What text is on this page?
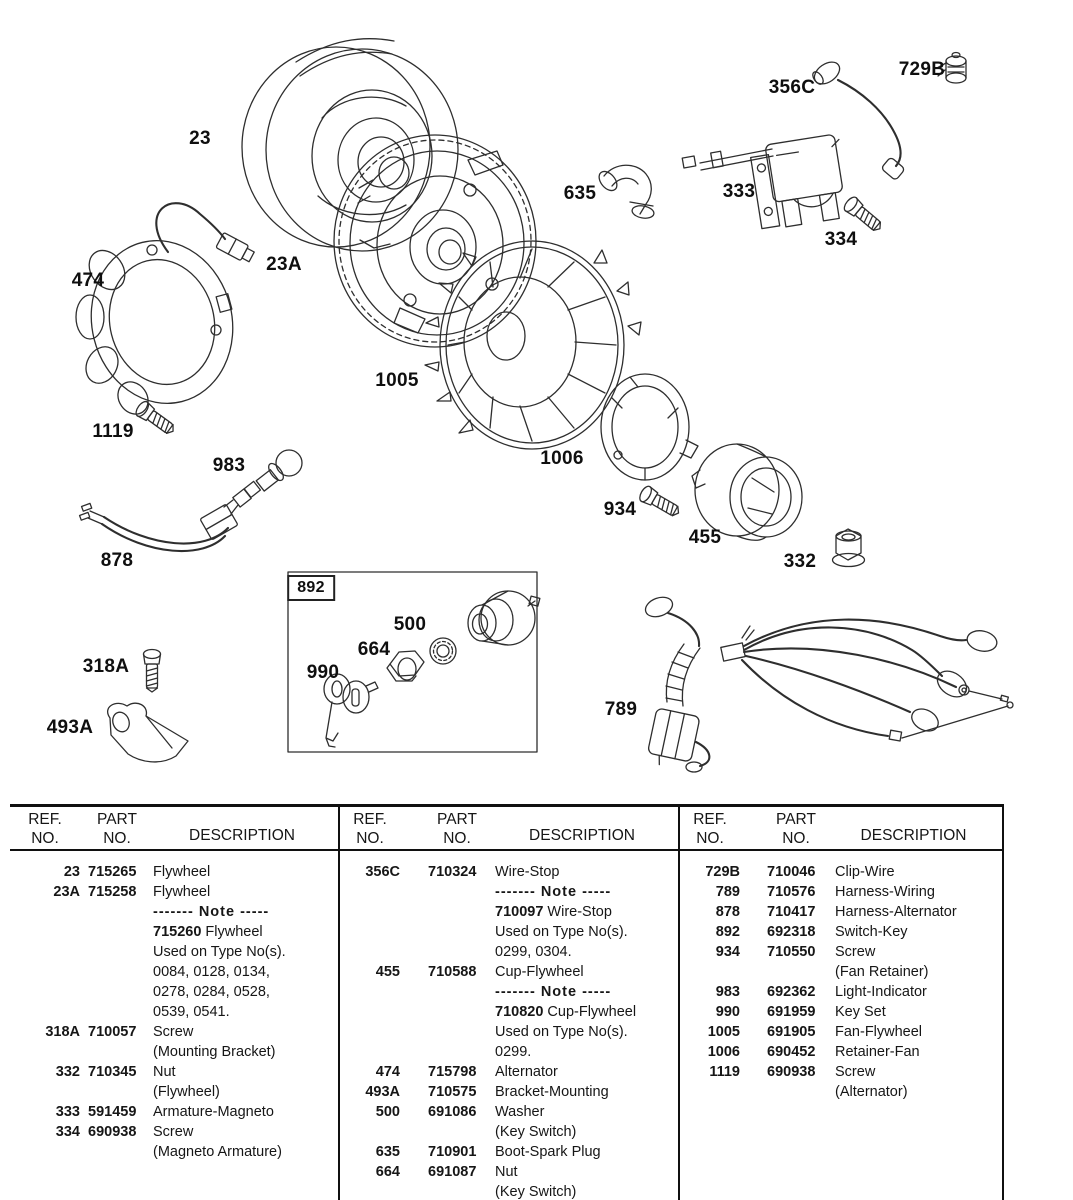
23
23A
474
1119
983
878
318A
493A
1005
1006
934
455
332
635	333
356C
729B
334
789
990
664
500
892
REF.
NO.
PART
NO.	DESCRIPTION
23 715265	Flywheel
23A 715258	Flywheel
------- Note -----
715260 Flywheel
Used on Type No(s).
0084, 0128, 0134,
0278, 0284, 0528,
0539, 0541.
318A 710057	Screw
(Mounting Bracket)
332 710345	Nut
(Flywheel)
333 591459	Armature-Magneto
334 690938	Screw
(Magneto Armature)
REF.
NO.
PART
NO.	DESCRIPTION
356C 710324	Wire-Stop
------- Note -----
710097 Wire-Stop
Used on Type No(s).
0299, 0304.
455 710588	Cup-Flywheel
------- Note -----
710820 Cup-Flywheel
Used on Type No(s).
0299.
474 715798	Alternator
493A 710575	Bracket-Mounting
500 691086	Washer
(Key Switch)
635 710901	Boot-Spark Plug
664 691087	Nut
(Key Switch)
REF.
NO.
PART
NO.	DESCRIPTION
729B 710046	Clip-Wire
789 710576	Harness-Wiring
878 710417	Harness-Alternator
892 692318	Switch-Key
934 710550	Screw
(Fan Retainer)
983 692362	Light-Indicator
990 691959	Key Set
1005 691905	Fan-Flywheel
1006 690452	Retainer-Fan
1119 690938	Screw
(Alternator)
